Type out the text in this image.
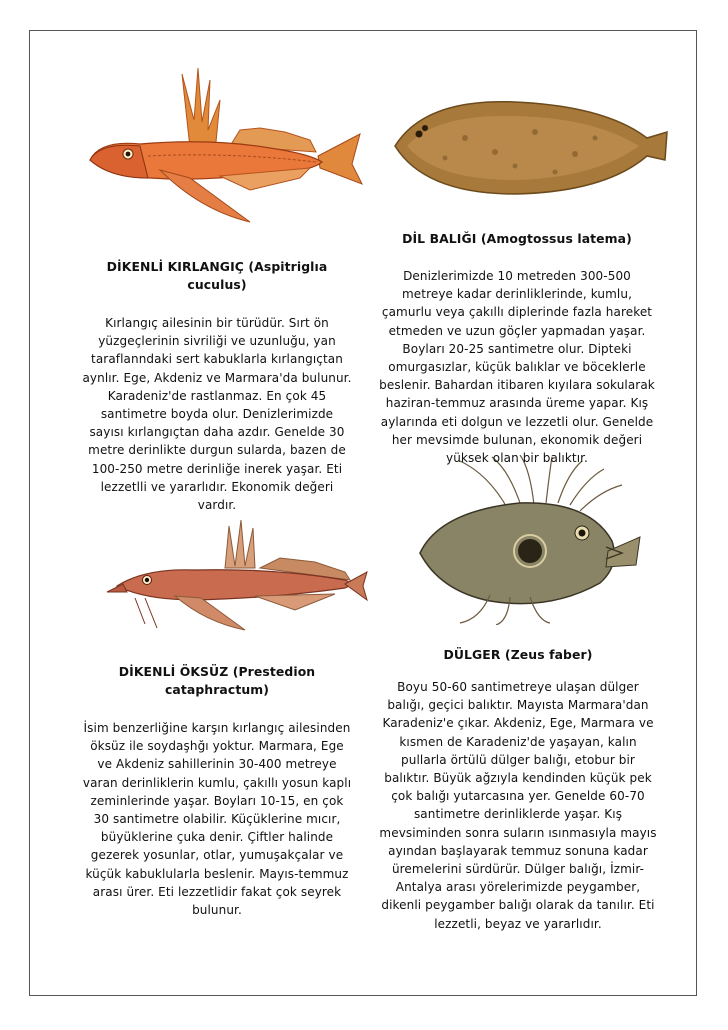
DİKENLİ KIRLANGIÇ (Aspitriglıa cuculus)

Kırlangıç ailesinin bir türüdür. Sırt ön yüzgeçlerinin sivriliği ve uzunluğu, yan taraflanndaki sert kabuklarla kırlangıçtan aynlır. Ege, Akdeniz ve Marmara'da bulunur. Karadeniz'de rastlanmaz. En çok 45 santimetre boyda olur. Denizlerimizde sayısı kırlangıçtan daha azdır. Genelde 30 metre derinlikte durgun sularda, bazen de 100-250 metre derinliğe inerek yaşar. Eti lezzetlli ve yararlıdır. Ekonomik değeri vardır.

DİL BALIĞI (Amogtossus latema)

Denizlerimizde 10 metreden 300-500 metreye kadar derinliklerinde, kumlu, çamurlu veya çakıllı diplerinde fazla hareket etmeden ve uzun göçler yapmadan yaşar. Boyları 20-25 santimetre olur. Dipteki omurgasızlar, küçük balıklar ve böceklerle beslenir. Bahardan itibaren kıyılara sokularak haziran-temmuz arasında üreme yapar. Kış aylarında eti dolgun ve lezzetli olur. Genelde her mevsimde bulunan, ekonomik değeri yüksek olan bir balıktır.

DİKENLİ ÖKSÜZ (Prestedion cataphractum)

İsim benzerliğine karşın kırlangıç ailesinden öksüz ile soydaşhğı yoktur. Marmara, Ege ve Akdeniz sahillerinin 30-400 metreye varan derinliklerin kumlu, çakıllı yosun kaplı zeminlerinde yaşar. Boyları 10-15, en çok 30 santimetre olabilir. Küçüklerine mıcır, büyüklerine çuka denir. Çiftler halinde gezerek yosunlar, otlar, yumuşakçalar ve küçük kabuklularla beslenir. Mayıs-temmuz arası ürer. Eti lezzetlidir fakat çok seyrek bulunur.

DÜLGER (Zeus faber)

Boyu 50-60 santimetreye ulaşan dülger balığı, geçici balıktır. Mayısta Marmara'dan Karadeniz'e çıkar. Akdeniz, Ege, Marmara ve kısmen de Karadeniz'de yaşayan, kalın pullarla örtülü dülger balığı, etobur bir balıktır. Büyük ağzıyla kendinden küçük pek çok balığı yutarcasına yer. Genelde 60-70 santimetre derinliklerde yaşar. Kış mevsiminden sonra suların ısınmasıyla mayıs ayından başlayarak temmuz sonuna kadar üremelerini sürdürür. Dülger balığı, İzmir-Antalya arası yörelerimizde peygamber, dikenli peygamber balığı olarak da tanılır. Eti lezzetli, beyaz ve yararlıdır.
